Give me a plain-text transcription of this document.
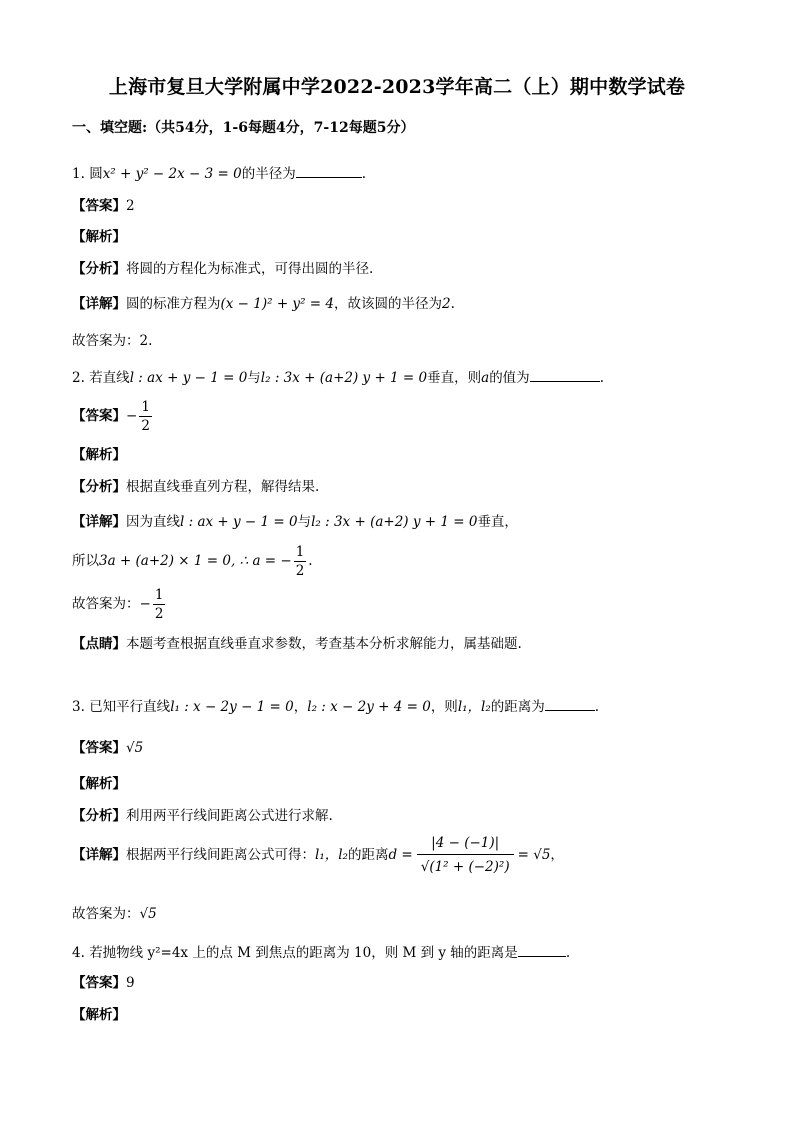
上海市复旦大学附属中学2022-2023学年高二（上）期中数学试卷
一、填空题:（共54分，1-6每题4分，7-12每题5分）
1. 圆x² + y² − 2x − 3 = 0的半径为	.
【答案】2
【解析】
【分析】将圆的方程化为标准式，可得出圆的半径.
【详解】圆的标准方程为(x − 1)² + y² = 4，故该圆的半径为2.
故答案为：2.
2. 若直线l : ax + y − 1 = 0与l₂ : 3x + (a+2) y + 1 = 0垂直，则a的值为	.
【答案】− $\frac{1}{2}$
【解析】
【分析】根据直线垂直列方程，解得结果.
【详解】因为直线l : ax + y − 1 = 0与l₂ : 3x + (a+2) y + 1 = 0垂直，
所以3a + (a+2) × 1 = 0, ∴ a = − $\frac{1}{2}$ .
故答案为：− $\frac{1}{2}$
【点睛】本题考查根据直线垂直求参数，考查基本分析求解能力，属基础题.
3. 已知平行直线l₁ : x − 2y − 1 = 0，l₂ : x − 2y + 4 = 0，则l₁，l₂的距离为	.
【答案】√5
【解析】
【分析】利用两平行线间距离公式进行求解.
【详解】根据两平行线间距离公式可得：l₁，l₂的距离$d = \frac{|4 - (-1)|}{\text{√(1² + (−2)²)}} = √5$，
故答案为：√5
4. 若抛物线 y²=4x 上的点 M 到焦点的距离为 10，则 M 到 y 轴的距离是	.
【答案】9
【解析】
